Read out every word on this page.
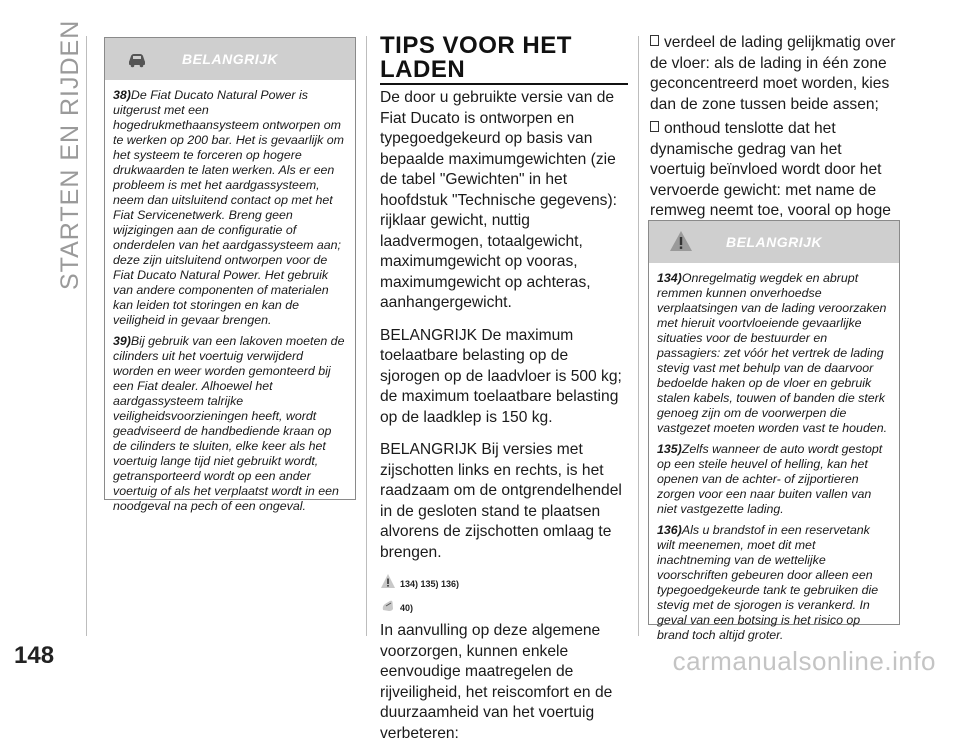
STARTEN EN RIJDEN
148	carmanualsonline.info
BELANGRIJK

38)De Fiat Ducato Natural Power is uitgerust met een hogedrukmethaansysteem ontworpen om te werken op 200 bar. Het is gevaarlijk om het systeem te forceren op hogere drukwaarden te laten werken. Als er een probleem is met het aardgassysteem, neem dan uitsluitend contact op met het Fiat Servicenetwerk. Breng geen wijzigingen aan de configuratie of onderdelen van het aardgassysteem aan; deze zijn uitsluitend ontworpen voor de Fiat Ducato Natural Power. Het gebruik van andere componenten of materialen kan leiden tot storingen en kan de veiligheid in gevaar brengen.

39)Bij gebruik van een lakoven moeten de cilinders uit het voertuig verwijderd worden en weer worden gemonteerd bij een Fiat dealer. Alhoewel het aardgassysteem talrijke veiligheidsvoorzieningen heeft, wordt geadviseerd de handbediende kraan op de cilinders te sluiten, elke keer als het voertuig lange tijd niet gebruikt wordt, getransporteerd wordt op een ander voertuig of als het verplaatst wordt in een noodgeval na pech of een ongeval.

TIPS VOOR HET LADEN

De door u gebruikte versie van de Fiat Ducato is ontworpen en typegoedgekeurd op basis van bepaalde maximumgewichten (zie de tabel "Gewichten" in het hoofdstuk "Technische gegevens): rijklaar gewicht, nuttig laadvermogen, totaalgewicht, maximumgewicht op vooras, maximumgewicht op achteras, aanhangergewicht.

BELANGRIJK De maximum toelaatbare belasting op de sjorogen op de laadvloer is 500 kg; de maximum toelaatbare belasting op de laadklep is 150 kg.

BELANGRIJK Bij versies met zijschotten links en rechts, is het raadzaam om de ontgrendelhendel in de gesloten stand te plaatsen alvorens de zijschotten omlaag te brengen.

134) 135) 136)
40)

In aanvulling op deze algemene voorzorgen, kunnen enkele eenvoudige maatregelen de rijveiligheid, het reiscomfort en de duurzaamheid van het voertuig verbeteren:

verdeel de lading gelijkmatig over de vloer: als de lading in één zone geconcentreerd moet worden, kies dan de zone tussen beide assen;

onthoud tenslotte dat het dynamische gedrag van het voertuig beïnvloed wordt door het vervoerde gewicht: met name de remweg neemt toe, vooral op hoge

BELANGRIJK

134)Onregelmatig wegdek en abrupt remmen kunnen onverhoedse verplaatsingen van de lading veroorzaken met hieruit voortvloeiende gevaarlijke situaties voor de bestuurder en passagiers: zet vóór het vertrek de lading stevig vast met behulp van de daarvoor bedoelde haken op de vloer en gebruik stalen kabels, touwen of banden die sterk genoeg zijn om de voorwerpen die vastgezet moeten worden vast te houden.

135)Zelfs wanneer de auto wordt gestopt op een steile heuvel of helling, kan het openen van de achter- of zijportieren zorgen voor een naar buiten vallen van niet vastgezette lading.

136)Als u brandstof in een reservetank wilt meenemen, moet dit met inachtneming van de wettelijke voorschriften gebeuren door alleen een typegoedgekeurde tank te gebruiken die stevig met de sjorogen is verankerd. In geval van een botsing is het risico op brand toch altijd groter.
